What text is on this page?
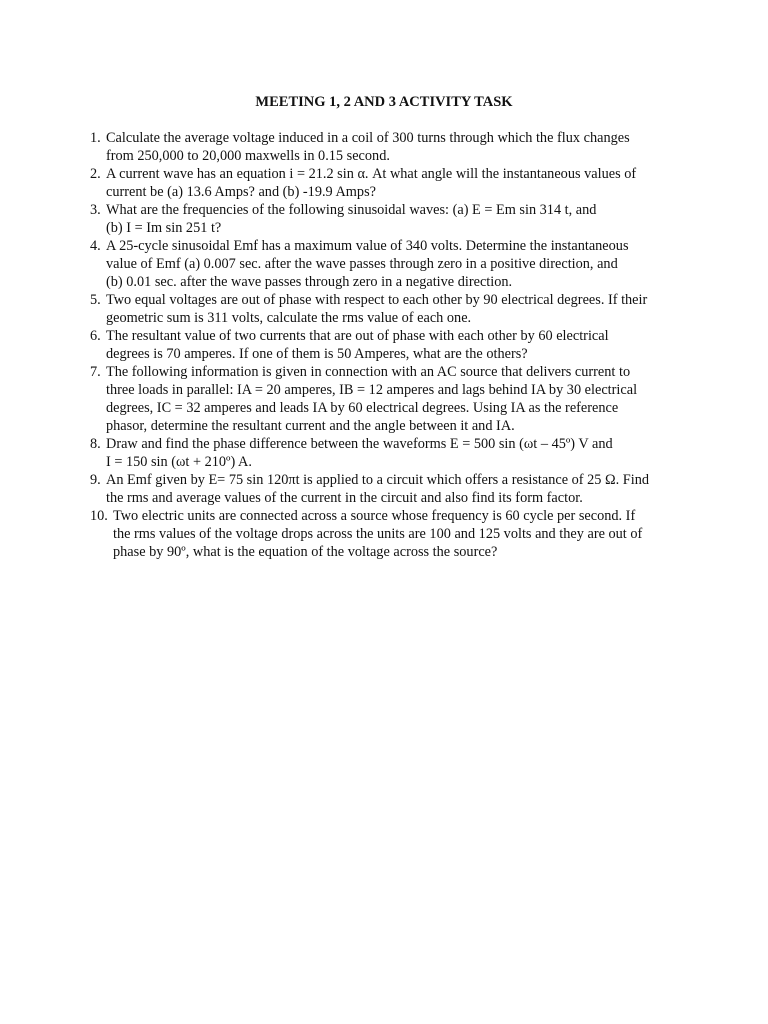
MEETING 1, 2 AND 3 ACTIVITY TASK
1. Calculate the average voltage induced in a coil of 300 turns through which the flux changes
from 250,000 to 20,000 maxwells in 0.15 second.
2. A current wave has an equation i = 21.2 sin α. At what angle will the instantaneous values of
current be (a) 13.6 Amps? and (b) -19.9 Amps?
3. What are the frequencies of the following sinusoidal waves: (a) E = Em sin 314 t, and
(b) I = Im sin 251 t?
4. A 25-cycle sinusoidal Emf has a maximum value of 340 volts. Determine the instantaneous
value of Emf (a) 0.007 sec. after the wave passes through zero in a positive direction, and
(b) 0.01 sec. after the wave passes through zero in a negative direction.
5. Two equal voltages are out of phase with respect to each other by 90 electrical degrees. If their
geometric sum is 311 volts, calculate the rms value of each one.
6. The resultant value of two currents that are out of phase with each other by 60 electrical
degrees is 70 amperes. If one of them is 50 Amperes, what are the others?
7. The following information is given in connection with an AC source that delivers current to
three loads in parallel: IA = 20 amperes, IB = 12 amperes and lags behind IA by 30 electrical
degrees, IC = 32 amperes and leads IA by 60 electrical degrees. Using IA as the reference
phasor, determine the resultant current and the angle between it and IA.
8. Draw and find the phase difference between the waveforms E = 500 sin (ωt – 45º) V and
I = 150 sin (ωt + 210º) A.
9. An Emf given by E= 75 sin 120πt is applied to a circuit which offers a resistance of 25 Ω. Find
the rms and average values of the current in the circuit and also find its form factor.
10. Two electric units are connected across a source whose frequency is 60 cycle per second. If
the rms values of the voltage drops across the units are 100 and 125 volts and they are out of
phase by 90º, what is the equation of the voltage across the source?
